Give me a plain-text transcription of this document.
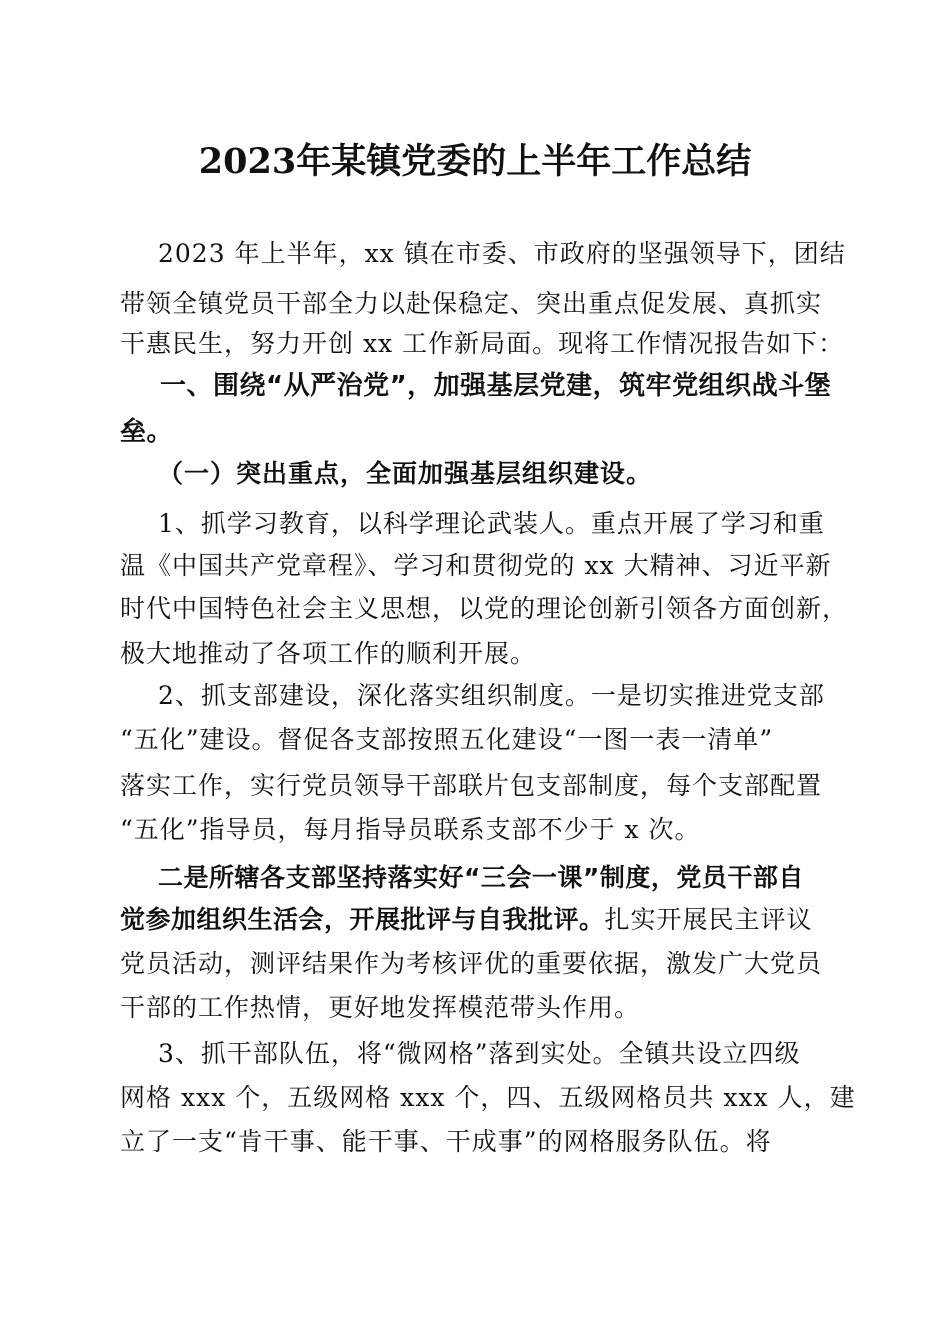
2023年某镇党委的上半年工作总结
2023 年上半年，xx 镇在市委、市政府的坚强领导下，团结
带领全镇党员干部全力以赴保稳定、突出重点促发展、真抓实
干惠民生，努力开创 xx 工作新局面。现将工作情况报告如下：
一、围绕“从严治党”，加强基层党建，筑牢党组织战斗堡
垒。
（一）突出重点，全面加强基层组织建设。
1、抓学习教育，以科学理论武装人。重点开展了学习和重
温《中国共产党章程》、学习和贯彻党的 xx 大精神、习近平新
时代中国特色社会主义思想，以党的理论创新引领各方面创新，
极大地推动了各项工作的顺利开展。
2、抓支部建设，深化落实组织制度。一是切实推进党支部
“五化”建设。督促各支部按照五化建设“一图一表一清单”
落实工作，实行党员领导干部联片包支部制度，每个支部配置
“五化”指导员，每月指导员联系支部不少于 x 次。
二是所辖各支部坚持落实好“三会一课”制度，党员干部自
觉参加组织生活会，开展批评与自我批评。扎实开展民主评议
党员活动，测评结果作为考核评优的重要依据，激发广大党员
干部的工作热情，更好地发挥模范带头作用。
3、抓干部队伍，将“微网格”落到实处。全镇共设立四级
网格 xxx 个，五级网格 xxx 个，四、五级网格员共 xxx 人，建
立了一支“肯干事、能干事、干成事”的网格服务队伍。将
